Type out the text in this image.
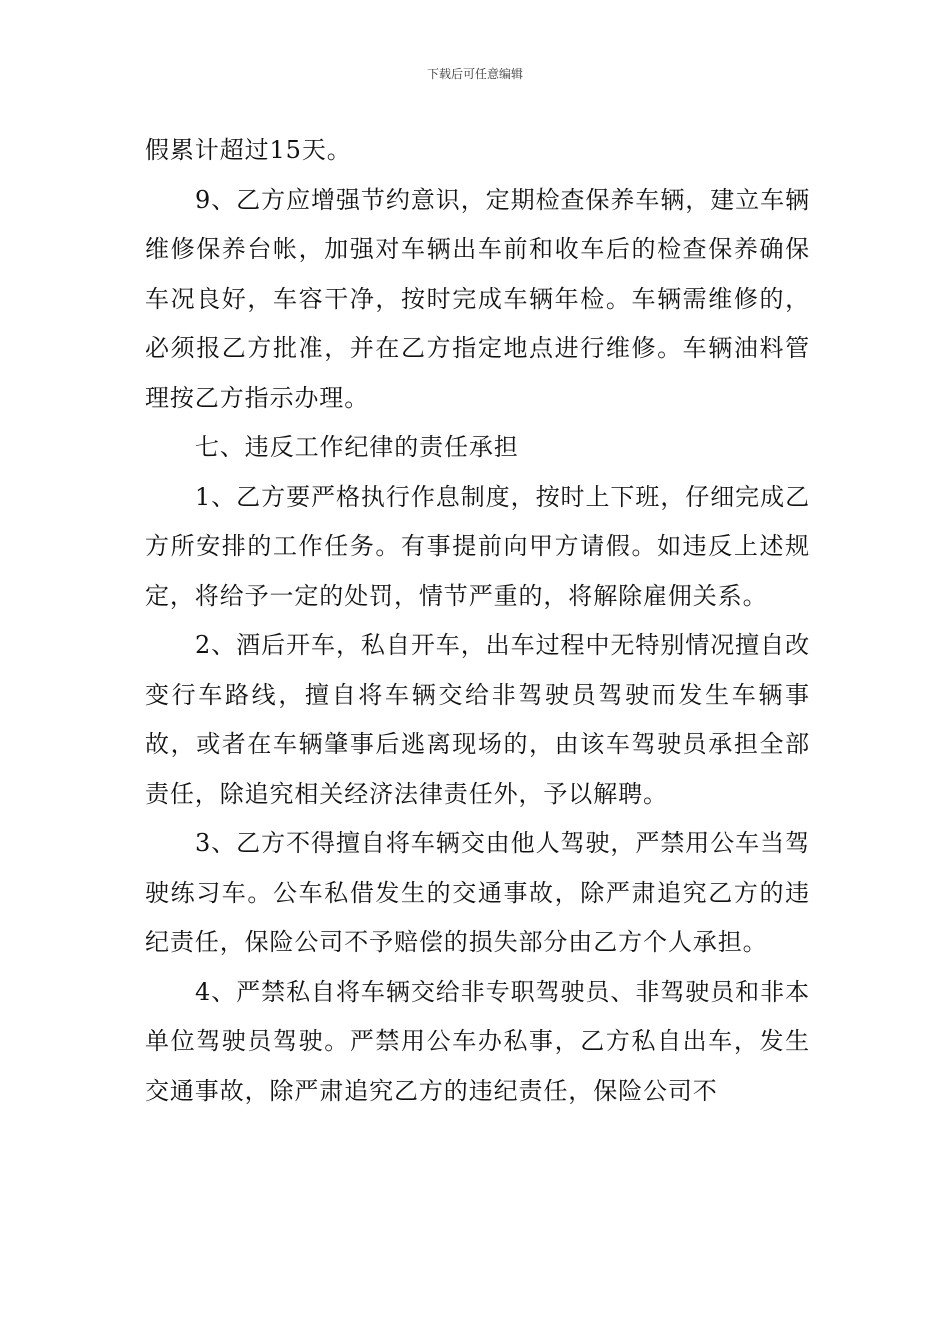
下载后可任意编辑

假累计超过15天。

9、乙方应增强节约意识，定期检查保养车辆，建立车辆维修保养台帐，加强对车辆出车前和收车后的检查保养确保车况良好，车容干净，按时完成车辆年检。车辆需维修的，必须报乙方批准，并在乙方指定地点进行维修。车辆油料管理按乙方指示办理。

七、违反工作纪律的责任承担

1、乙方要严格执行作息制度，按时上下班，仔细完成乙方所安排的工作任务。有事提前向甲方请假。如违反上述规定，将给予一定的处罚，情节严重的，将解除雇佣关系。

2、酒后开车，私自开车，出车过程中无特别情况擅自改变行车路线，擅自将车辆交给非驾驶员驾驶而发生车辆事故，或者在车辆肇事后逃离现场的，由该车驾驶员承担全部责任，除追究相关经济法律责任外，予以解聘。

3、乙方不得擅自将车辆交由他人驾驶，严禁用公车当驾驶练习车。公车私借发生的交通事故，除严肃追究乙方的违纪责任，保险公司不予赔偿的损失部分由乙方个人承担。

4、严禁私自将车辆交给非专职驾驶员、非驾驶员和非本单位驾驶员驾驶。严禁用公车办私事，乙方私自出车，发生交通事故，除严肃追究乙方的违纪责任，保险公司不
